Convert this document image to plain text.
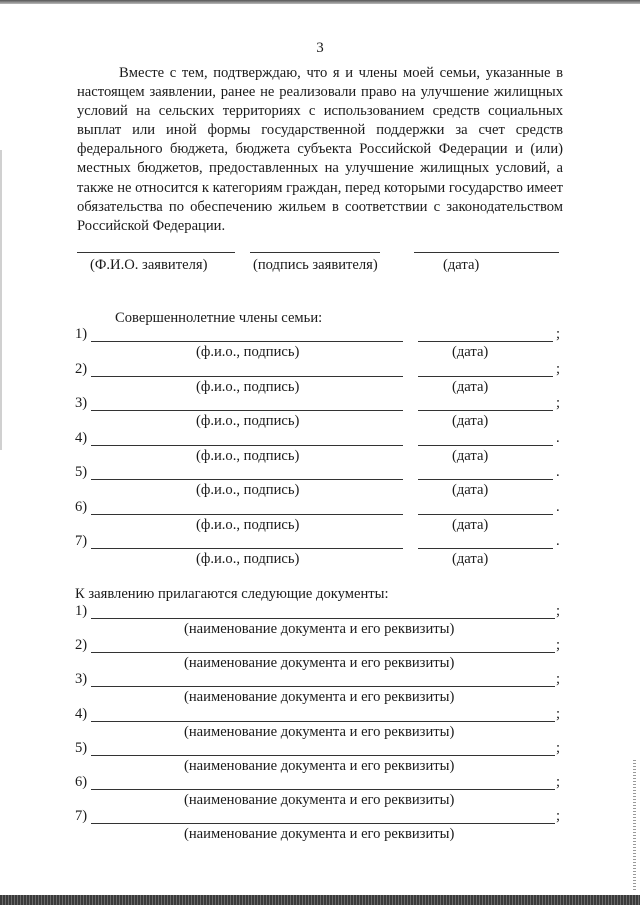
3

Вместе с тем, подтверждаю, что я и члены моей семьи, указанные в настоящем заявлении, ранее не реализовали право на улучшение жилищных условий на сельских территориях с использованием средств социальных выплат или иной формы государственной поддержки за счет средств федерального бюджета, бюджета субъекта Российской Федерации и (или) местных бюджетов, предоставленных на улучшение жилищных условий, а также не относится к категориям граждан, перед которыми государство имеет обязательства по обеспечению жильем в соответствии с законодательством Российской Федерации.

(Ф.И.О. заявителя)	(подпись заявителя)	(дата)
Совершеннолетние члены семьи:
1)	;
(ф.и.о., подпись)	(дата)
2)	;
(ф.и.о., подпись)	(дата)
3)	;
(ф.и.о., подпись)	(дата)
4)	.
(ф.и.о., подпись)	(дата)
5)	.
(ф.и.о., подпись)	(дата)
6)	.
(ф.и.о., подпись)	(дата)
7)	.
(ф.и.о., подпись)	(дата)
К заявлению прилагаются следующие документы:
1)	;
(наименование документа и его реквизиты)
2)	;
(наименование документа и его реквизиты)
3)	;
(наименование документа и его реквизиты)
4)	;
(наименование документа и его реквизиты)
5)	;
(наименование документа и его реквизиты)
6)	;
(наименование документа и его реквизиты)
7)	;
(наименование документа и его реквизиты)
